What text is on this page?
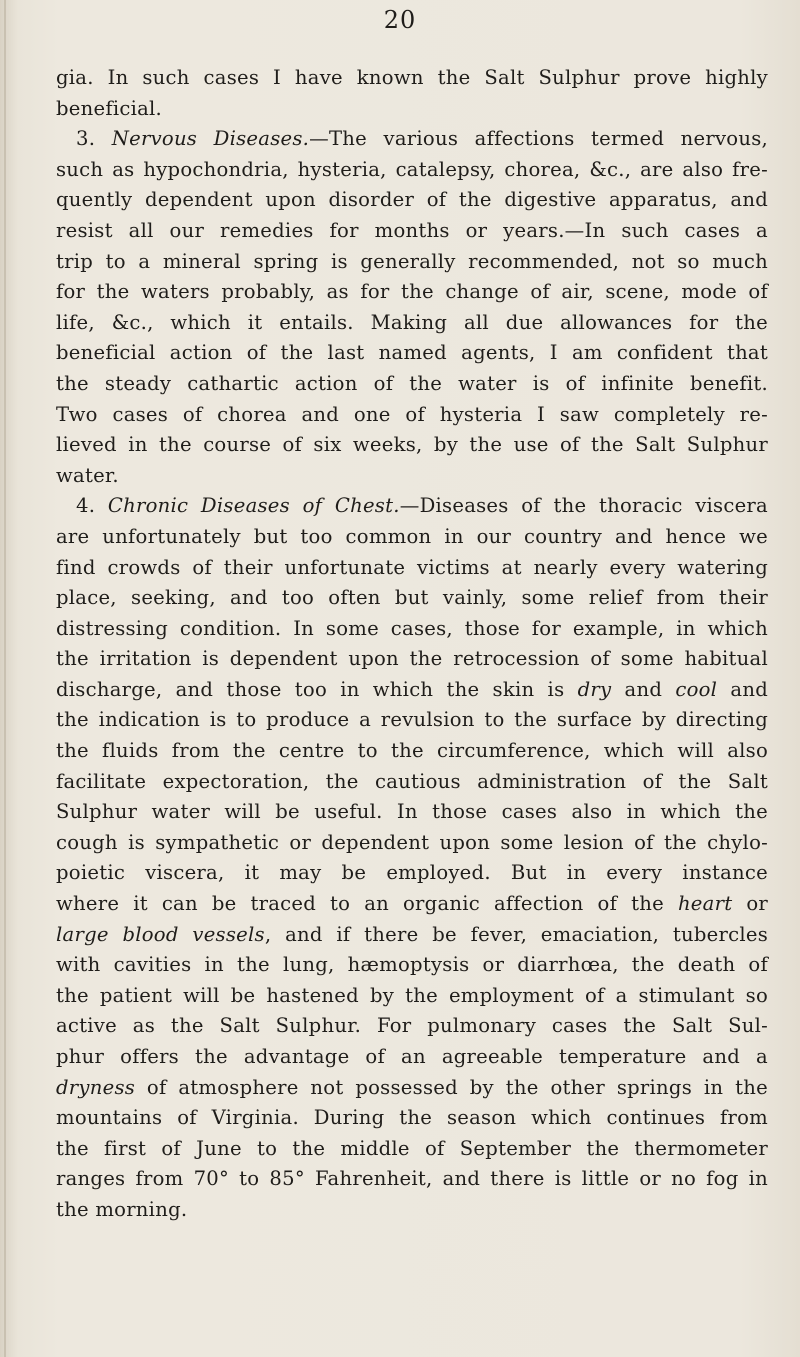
20
gia. In such cases I have known the Salt Sulphur prove highly
beneficial.
3. Nervous Diseases.—The various affections termed nervous,
such as hypochondria, hysteria, catalepsy, chorea, &c., are also fre-
quently dependent upon disorder of the digestive apparatus, and
resist all our remedies for months or years.—In such cases a
trip to a mineral spring is generally recommended, not so much
for the waters probably, as for the change of air, scene, mode of
life, &c., which it entails. Making all due allowances for the
beneficial action of the last named agents, I am confident that
the steady cathartic action of the water is of infinite benefit.
Two cases of chorea and one of hysteria I saw completely re-
lieved in the course of six weeks, by the use of the Salt Sulphur
water.
4. Chronic Diseases of Chest.—Diseases of the thoracic viscera
are unfortunately but too common in our country and hence we
find crowds of their unfortunate victims at nearly every watering
place, seeking, and too often but vainly, some relief from their
distressing condition. In some cases, those for example, in which
the irritation is dependent upon the retrocession of some habitual
discharge, and those too in which the skin is dry and cool and
the indication is to produce a revulsion to the surface by directing
the fluids from the centre to the circumference, which will also
facilitate expectoration, the cautious administration of the Salt
Sulphur water will be useful. In those cases also in which the
cough is sympathetic or dependent upon some lesion of the chylo-
poietic viscera, it may be employed. But in every instance
where it can be traced to an organic affection of the heart or
large blood vessels, and if there be fever, emaciation, tubercles
with cavities in the lung, hæmoptysis or diarrhœa, the death of
the patient will be hastened by the employment of a stimulant so
active as the Salt Sulphur. For pulmonary cases the Salt Sul-
phur offers the advantage of an agreeable temperature and a
dryness of atmosphere not possessed by the other springs in the
mountains of Virginia. During the season which continues from
the first of June to the middle of September the thermometer
ranges from 70° to 85° Fahrenheit, and there is little or no fog in
the morning.
